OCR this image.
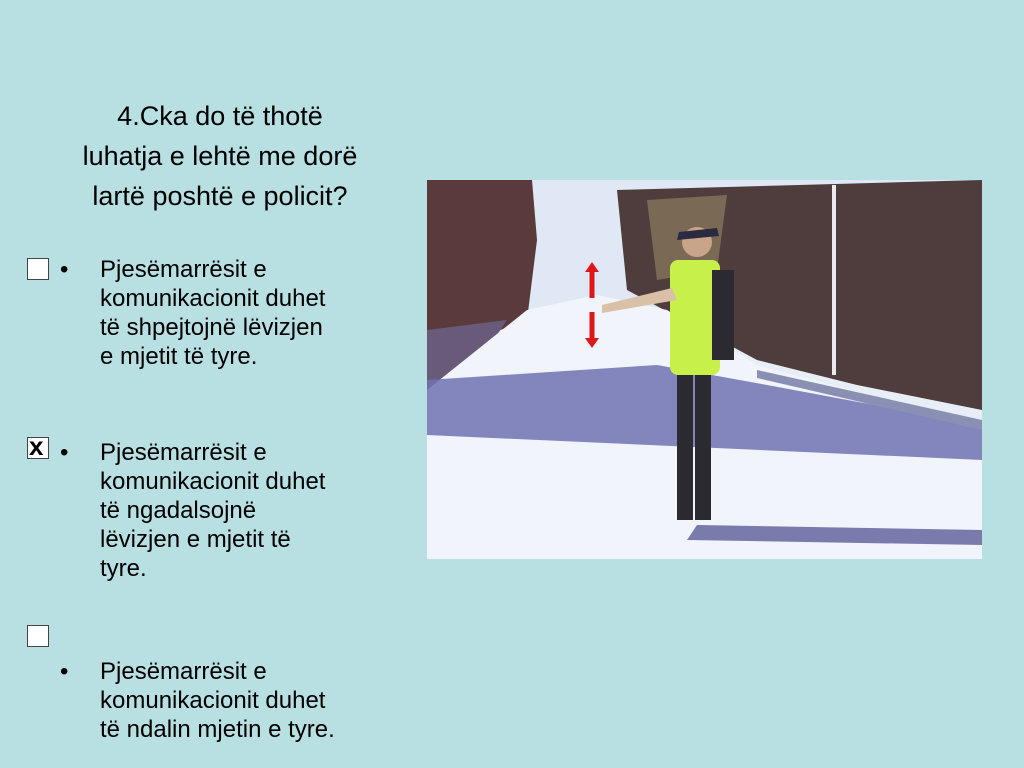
4.Cka do të thotë
luhatja e lehtë me dorë
lartë poshtë e policit?
• Pjesëmarrësit e
komunikacionit duhet
të shpejtojnë lëvizjen
e mjetit të tyre.
x • Pjesëmarrësit e
komunikacionit duhet
të ngadalsojnë
lëvizjen e mjetit të
tyre.
• Pjesëmarrësit e
komunikacionit duhet
të ndalin mjetin e tyre.
